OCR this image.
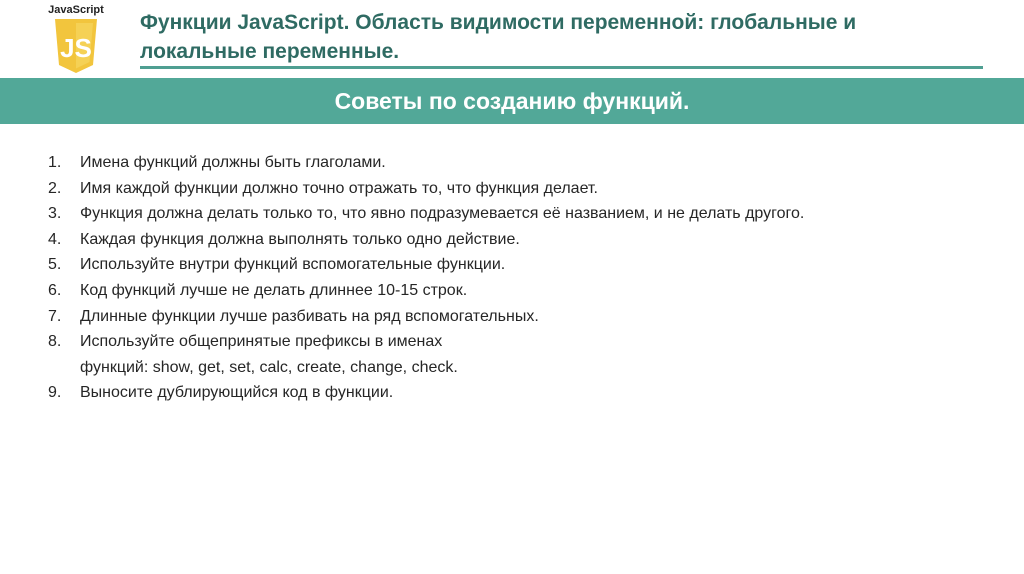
JavaScript
JS
Функции JavaScript. Область видимости переменной: глобальные и
локальные переменные.
Советы по созданию функций.
1.	Имена функций должны быть глаголами.
2.	Имя каждой функции должно точно отражать то, что функция делает.
3.	Функция должна делать только то, что явно подразумевается её названием, и не делать другого.
4.	Каждая функция должна выполнять только одно действие.
5.	Используйте внутри функций вспомогательные функции.
6.	Код функций лучше не делать длиннее 10-15 строк.
7.	Длинные функции лучше разбивать на ряд вспомогательных.
8.	Используйте общепринятые префиксы в именах
функций: show, get, set, calc, create, change, check.
9.	Выносите дублирующийся код в функции.
